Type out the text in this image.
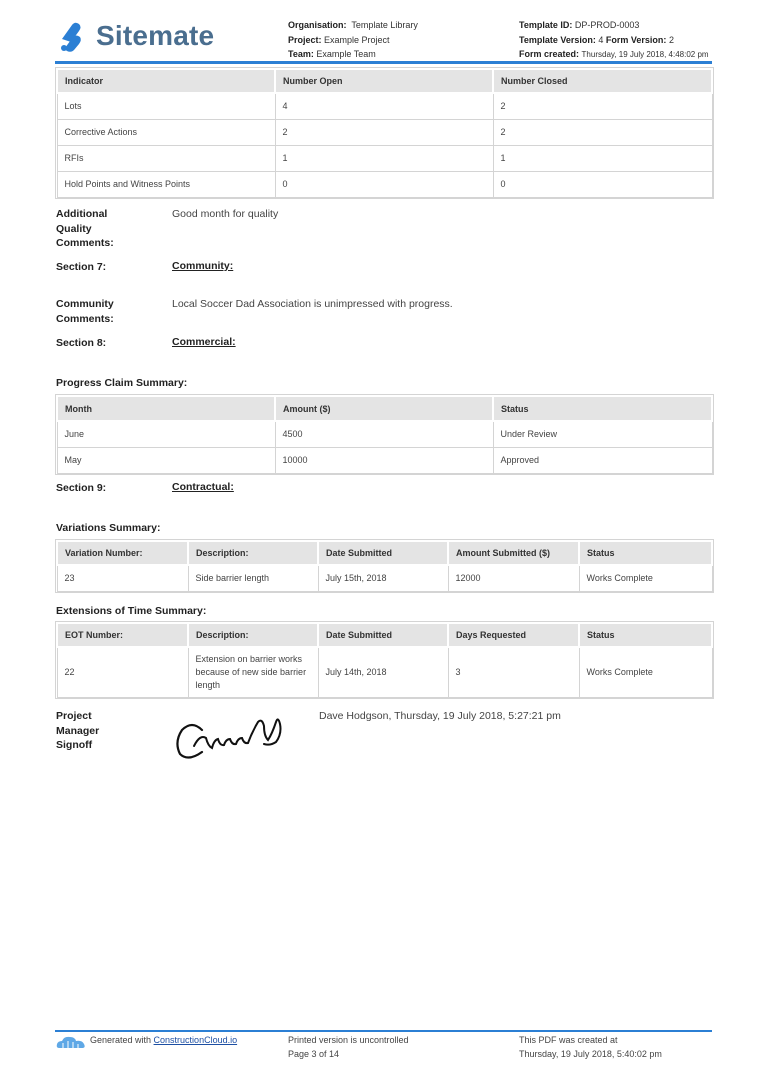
Sitemate	Organisation: Template Library
Project: Example Project
Team: Example Team
Template ID: DP-PROD-0003
Template Version: 4 Form Version: 2
Form created: Thursday, 19 July 2018, 4:48:02 pm
Indicator	Number Open	Number Closed
Lots	4	2
Corrective Actions	2	2
RFIs	1	1
Hold Points and Witness Points	0	0
Additional
Quality
Comments:
Good month for quality
Section 7:	Community:
Community
Comments:
Local Soccer Dad Association is unimpressed with progress.
Section 8:	Commercial:
Progress Claim Summary:
Month	Amount ($)	Status
June	4500	Under Review
May	10000	Approved
Section 9:	Contractual:
Variations Summary:
Variation Number:	Description:	Date Submitted	Amount Submitted ($)	Status
23	Side barrier length	July 15th, 2018	12000	Works Complete
Extensions of Time Summary:
EOT Number:	Description:	Date Submitted	Days Requested	Status
22	Extension on barrier works because of new side barrier length	July 14th, 2018	3	Works Complete
Project
Manager
Signoff
Dave Hodgson, Thursday, 19 July 2018, 5:27:21 pm
Generated with ConstructionCloud.io	Printed version is uncontrolled
Page 3 of 14
This PDF was created at
Thursday, 19 July 2018, 5:40:02 pm
